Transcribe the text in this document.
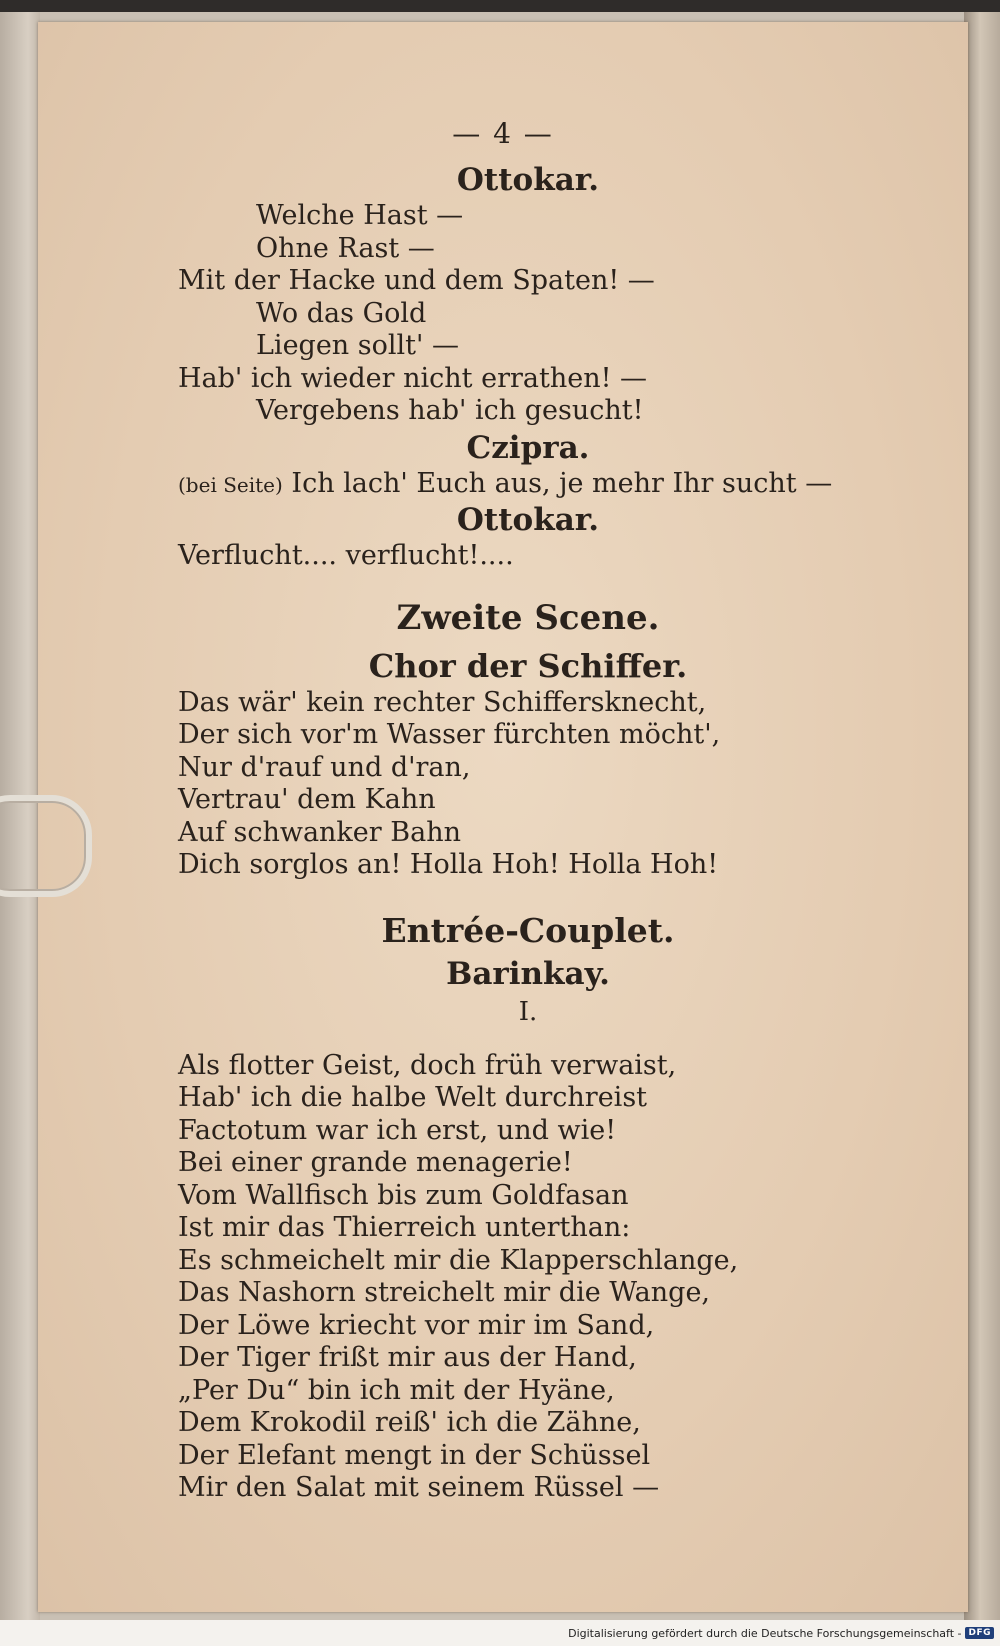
— 4 —
Ottokar.
Welche Hast —
Ohne Rast —
Mit der Hacke und dem Spaten! —
Wo das Gold
Liegen sollt' —
Hab' ich wieder nicht errathen! —
Vergebens hab' ich gesucht!
Czipra.
(bei Seite) Ich lach' Euch aus, je mehr Ihr sucht —
Ottokar.
Verflucht.... verflucht!....
Zweite Scene.
Chor der Schiffer.
Das wär' kein rechter Schiffersknecht,
Der sich vor'm Wasser fürchten möcht',
Nur d'rauf und d'ran,
Vertrau' dem Kahn
Auf schwanker Bahn
Dich sorglos an! Holla Hoh! Holla Hoh!
Entrée-Couplet.
Barinkay.
I.
Als flotter Geist, doch früh verwaist,
Hab' ich die halbe Welt durchreist
Factotum war ich erst, und wie!
Bei einer grande menagerie!
Vom Wallfisch bis zum Goldfasan
Ist mir das Thierreich unterthan:
Es schmeichelt mir die Klapperschlange,
Das Nashorn streichelt mir die Wange,
Der Löwe kriecht vor mir im Sand,
Der Tiger frißt mir aus der Hand,
„Per Du“ bin ich mit der Hyäne,
Dem Krokodil reiß' ich die Zähne,
Der Elefant mengt in der Schüssel
Mir den Salat mit seinem Rüssel —
Digitalisierung gefördert durch die Deutsche Forschungsgemeinschaft - DFG
